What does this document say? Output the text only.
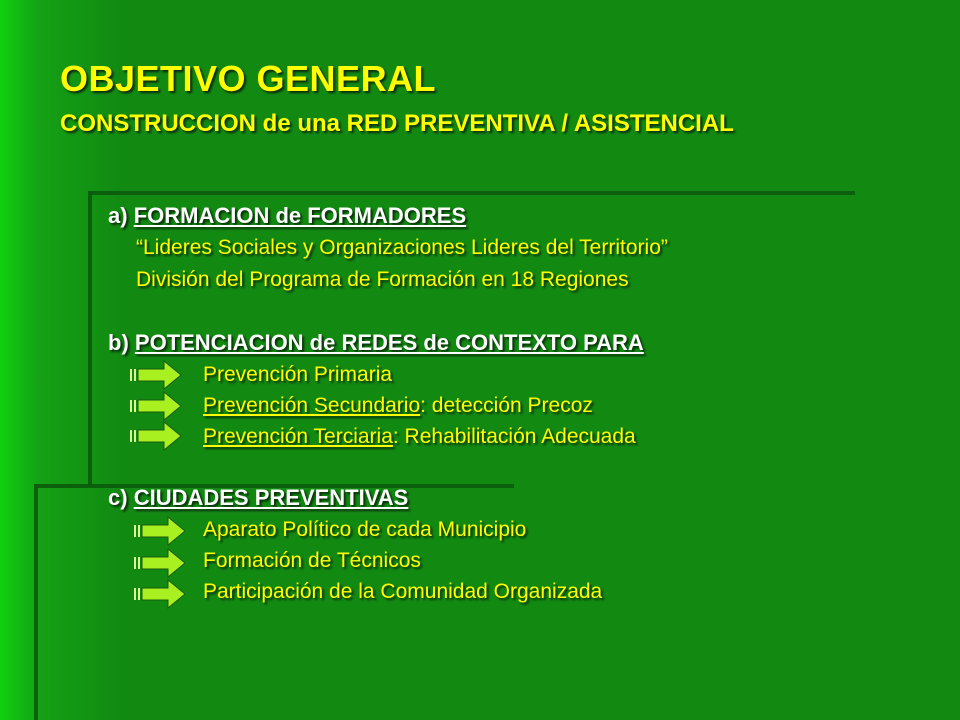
OBJETIVO GENERAL
CONSTRUCCION de una RED PREVENTIVA / ASISTENCIAL
a) FORMACION de FORMADORES
“Lideres Sociales y Organizaciones Lideres del Territorio”
División del Programa de Formación en 18 Regiones
b) POTENCIACION de REDES de CONTEXTO PARA
Prevención Primaria
Prevención Secundario: detección Precoz
Prevención Terciaria: Rehabilitación Adecuada
c) CIUDADES PREVENTIVAS
Aparato Político de cada Municipio
Formación de Técnicos
Participación de la Comunidad Organizada
